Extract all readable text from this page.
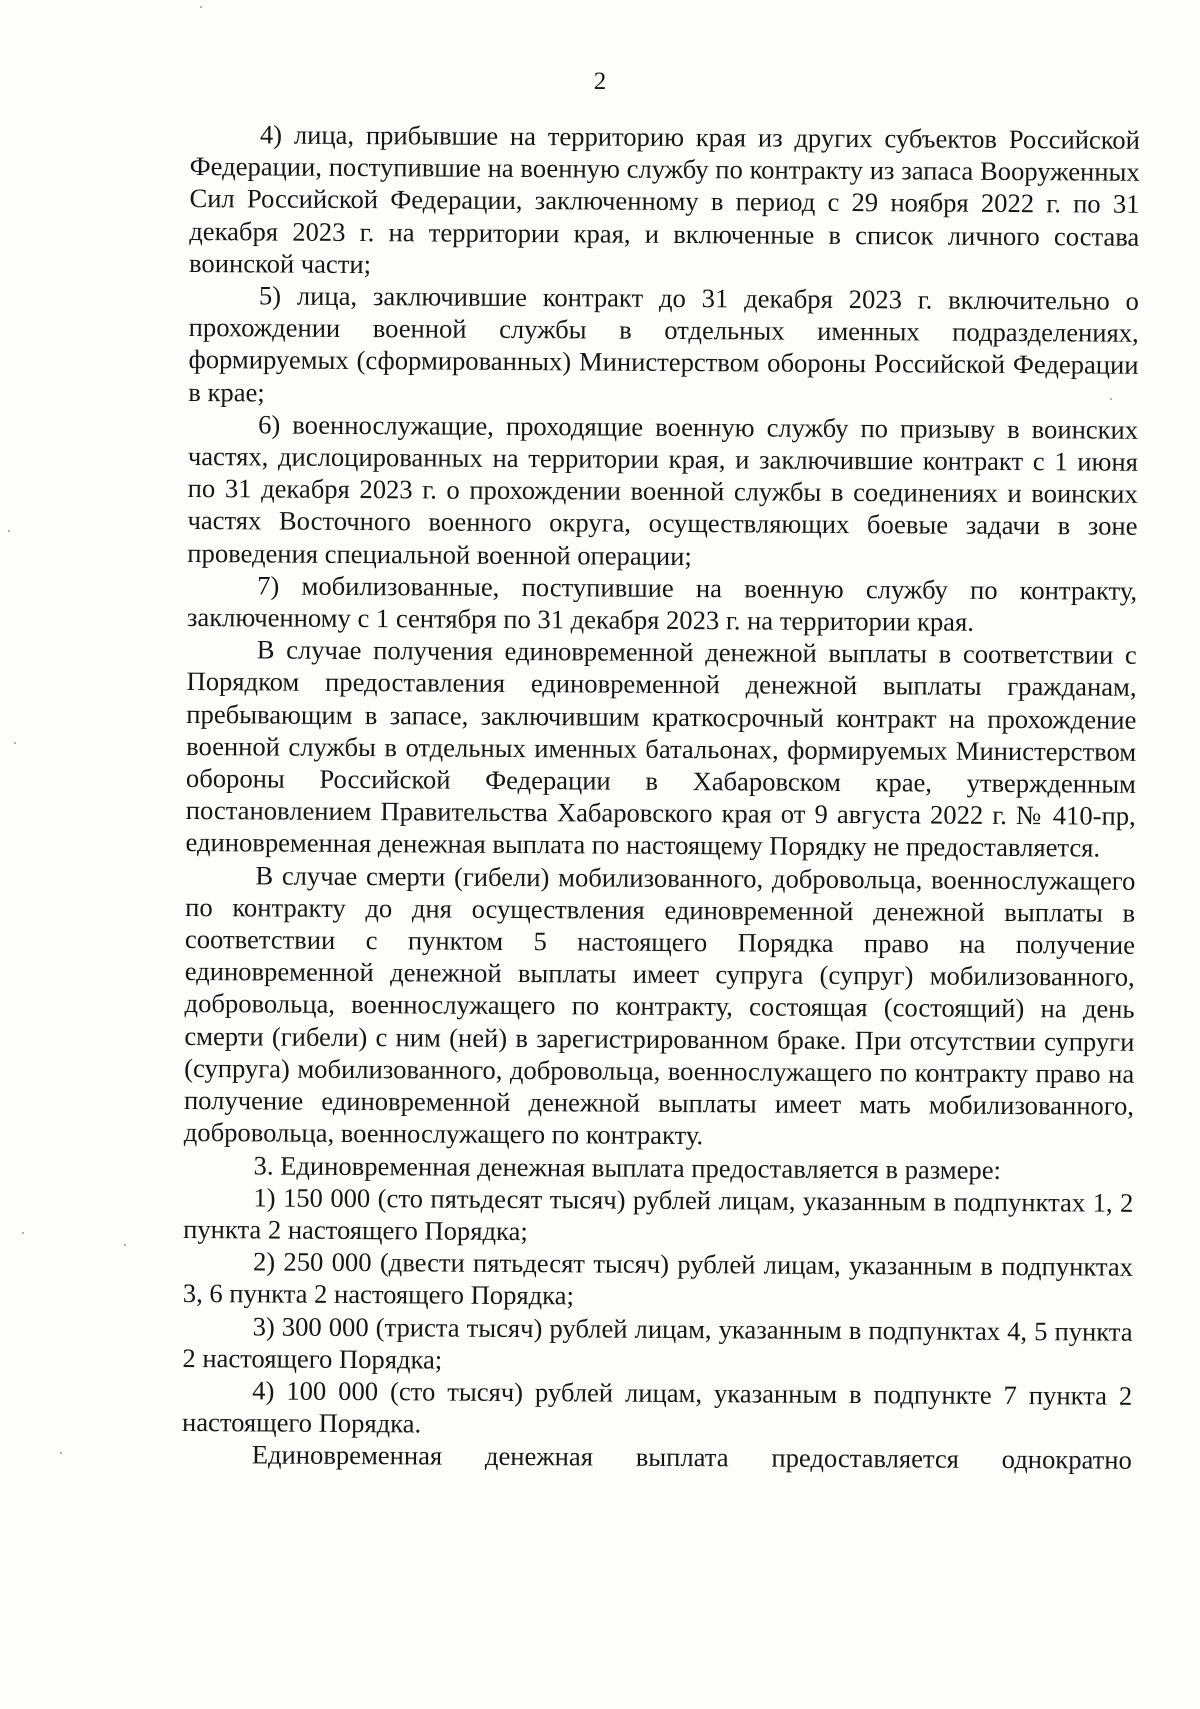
2

4) лица, прибывшие на территорию края из других субъектов Российской Федерации, поступившие на военную службу по контракту из запаса Вооруженных Сил Российской Федерации, заключенному в период с 29 ноября 2022 г. по 31 декабря 2023 г. на территории края, и включенные в список личного состава воинской части;

5) лица, заключившие контракт до 31 декабря 2023 г. включительно о прохождении военной службы в отдельных именных подразделениях, формируемых (сформированных) Министерством обороны Российской Федерации в крае;

6) военнослужащие, проходящие военную службу по призыву в воинских частях, дислоцированных на территории края, и заключившие контракт с 1 июня по 31 декабря 2023 г. о прохождении военной службы в соединениях и воинских частях Восточного военного округа, осуществляющих боевые задачи в зоне проведения специальной военной операции;

7) мобилизованные, поступившие на военную службу по контракту, заключенному с 1 сентября по 31 декабря 2023 г. на территории края.

В случае получения единовременной денежной выплаты в соответствии с Порядком предоставления единовременной денежной выплаты гражданам, пребывающим в запасе, заключившим краткосрочный контракт на прохождение военной службы в отдельных именных батальонах, формируемых Министерством обороны Российской Федерации в Хабаровском крае, утвержденным постановлением Правительства Хабаровского края от 9 августа 2022 г. № 410-пр, единовременная денежная выплата по настоящему Порядку не предоставляется.

В случае смерти (гибели) мобилизованного, добровольца, военнослужащего по контракту до дня осуществления единовременной денежной выплаты в соответствии с пунктом 5 настоящего Порядка право на получение единовременной денежной выплаты имеет супруга (супруг) мобилизованного, добровольца, военнослужащего по контракту, состоящая (состоящий) на день смерти (гибели) с ним (ней) в зарегистрированном браке. При отсутствии супруги (супруга) мобилизованного, добровольца, военнослужащего по контракту право на получение единовременной денежной выплаты имеет мать мобилизованного, добровольца, военнослужащего по контракту.

3. Единовременная денежная выплата предоставляется в размере:

1) 150 000 (сто пятьдесят тысяч) рублей лицам, указанным в подпунктах 1, 2 пункта 2 настоящего Порядка;

2) 250 000 (двести пятьдесят тысяч) рублей лицам, указанным в подпунктах 3, 6 пункта 2 настоящего Порядка;

3) 300 000 (триста тысяч) рублей лицам, указанным в подпунктах 4, 5 пункта 2 настоящего Порядка;

4) 100 000 (сто тысяч) рублей лицам, указанным в подпункте 7 пункта 2 настоящего Порядка.

Единовременная денежная выплата предоставляется однократно
